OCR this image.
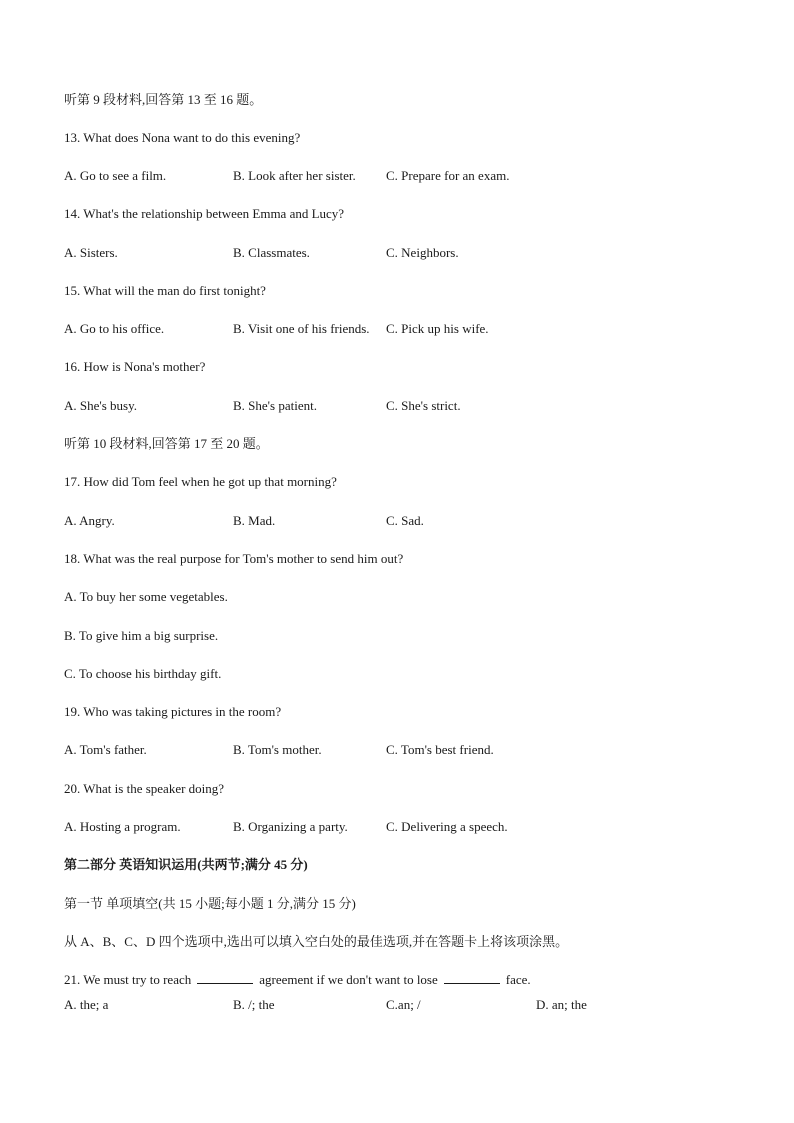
听第 9 段材料,回答第 13 至 16 题。
13. What does Nona want to do this evening?
A. Go to see a film.	B. Look after her sister. C. Prepare for an exam.
14. What's the relationship between Emma and Lucy?
A. Sisters.	B. Classmates.	C. Neighbors.
15. What will the man do first tonight?
A. Go to his office.	B. Visit one of his friends. C. Pick up his wife.
16. How is Nona's mother?
A. She's busy.	B. She's patient.	C. She's strict.
听第 10 段材料,回答第 17 至 20 题。
17. How did Tom feel when he got up that morning?
A. Angry.	B. Mad.	C. Sad.
18. What was the real purpose for Tom's mother to send him out?
A. To buy her some vegetables.
B. To give him a big surprise.
C. To choose his birthday gift.
19. Who was taking pictures in the room?
A. Tom's father.	B. Tom's mother.	C. Tom's best friend.
20. What is the speaker doing?
A. Hosting a program.	B. Organizing a party.	C. Delivering a speech.
第二部分 英语知识运用(共两节;满分 45 分)
第一节 单项填空(共 15 小题;每小题 1 分,满分 15 分)
从 A、B、C、D 四个选项中,选出可以填入空白处的最佳选项,并在答题卡上将该项涂黑。
21. We must try to reach	agreement if we don't want to lose	face.
A. the; a	B. /; the	C.an; /	D. an; the
